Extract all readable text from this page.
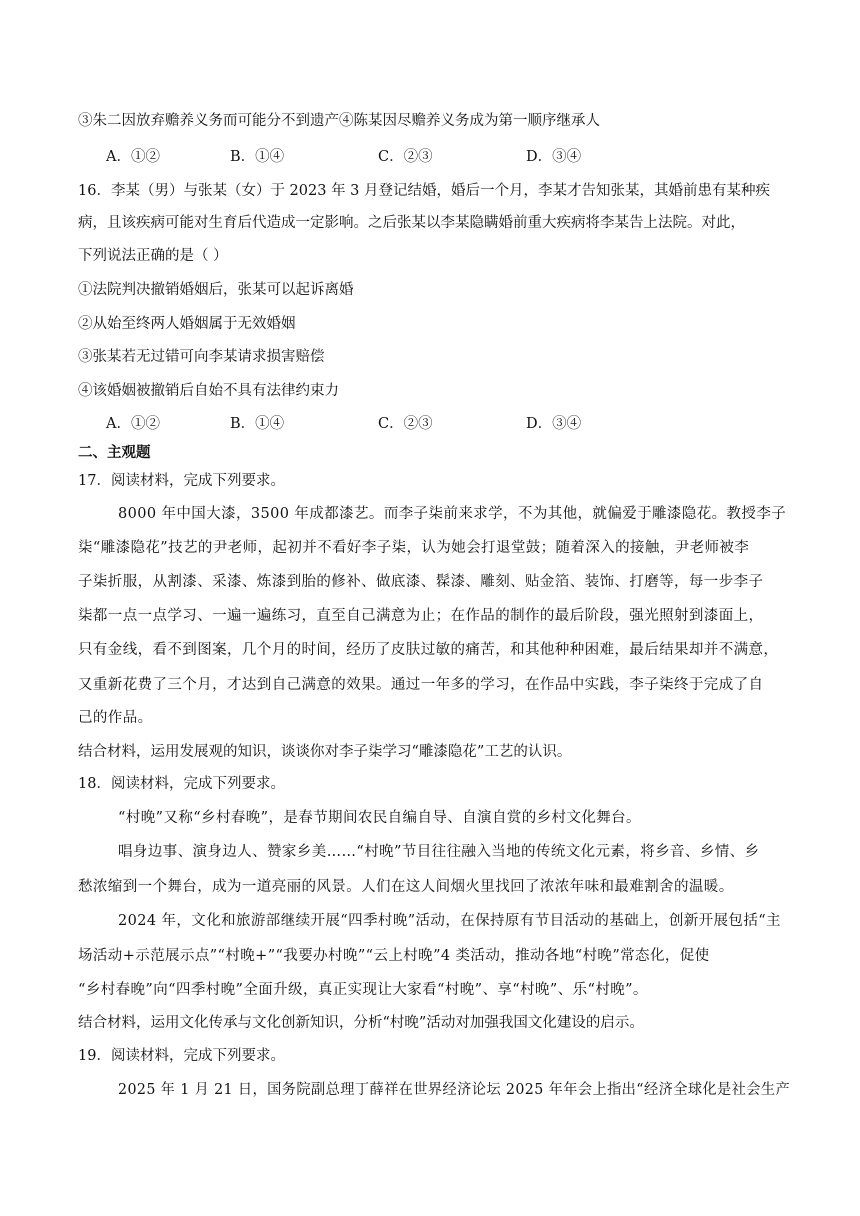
③朱二因放弃赡养义务而可能分不到遗产④陈某因尽赡养义务成为第一顺序继承人
A．①②	B．①④	C．②③	D．③④
16．李某（男）与张某（女）于 2023 年 3 月登记结婚，婚后一个月，李某才告知张某，其婚前患有某种疾
病，且该疾病可能对生育后代造成一定影响。之后张某以李某隐瞒婚前重大疾病将李某告上法院。对此，
下列说法正确的是（ ）
①法院判决撤销婚姻后，张某可以起诉离婚
②从始至终两人婚姻属于无效婚姻
③张某若无过错可向李某请求损害赔偿
④该婚姻被撤销后自始不具有法律约束力
A．①②	B．①④	C．②③	D．③④
二、主观题
17．阅读材料，完成下列要求。
8000 年中国大漆，3500 年成都漆艺。而李子柒前来求学，不为其他，就偏爱于雕漆隐花。教授李子
柒“雕漆隐花”技艺的尹老师，起初并不看好李子柒，认为她会打退堂鼓；随着深入的接触，尹老师被李
子柒折服，从割漆、采漆、炼漆到胎的修补、做底漆、髹漆、雕刻、贴金箔、装饰、打磨等，每一步李子
柒都一点一点学习、一遍一遍练习，直至自己满意为止；在作品的制作的最后阶段，强光照射到漆面上，
只有金线，看不到图案，几个月的时间，经历了皮肤过敏的痛苦，和其他种种困难，最后结果却并不满意，
又重新花费了三个月，才达到自己满意的效果。通过一年多的学习，在作品中实践，李子柒终于完成了自
己的作品。
结合材料，运用发展观的知识，谈谈你对李子柒学习“雕漆隐花”工艺的认识。
18．阅读材料，完成下列要求。
“村晚”又称“乡村春晚”，是春节期间农民自编自导、自演自赏的乡村文化舞台。
唱身边事、演身边人、赞家乡美……“村晚”节目往往融入当地的传统文化元素，将乡音、乡情、乡
愁浓缩到一个舞台，成为一道亮丽的风景。人们在这人间烟火里找回了浓浓年味和最难割舍的温暖。
2024 年，文化和旅游部继续开展“四季村晚”活动，在保持原有节目活动的基础上，创新开展包括“主
场活动+示范展示点”“村晚+”“我要办村晚”“云上村晚”4 类活动，推动各地“村晚”常态化，促使
“乡村春晚”向“四季村晚”全面升级，真正实现让大家看“村晚”、享“村晚”、乐“村晚”。
结合材料，运用文化传承与文化创新知识，分析“村晚”活动对加强我国文化建设的启示。
19．阅读材料，完成下列要求。
2025 年 1 月 21 日，国务院副总理丁薛祥在世界经济论坛 2025 年年会上指出“经济全球化是社会生产
